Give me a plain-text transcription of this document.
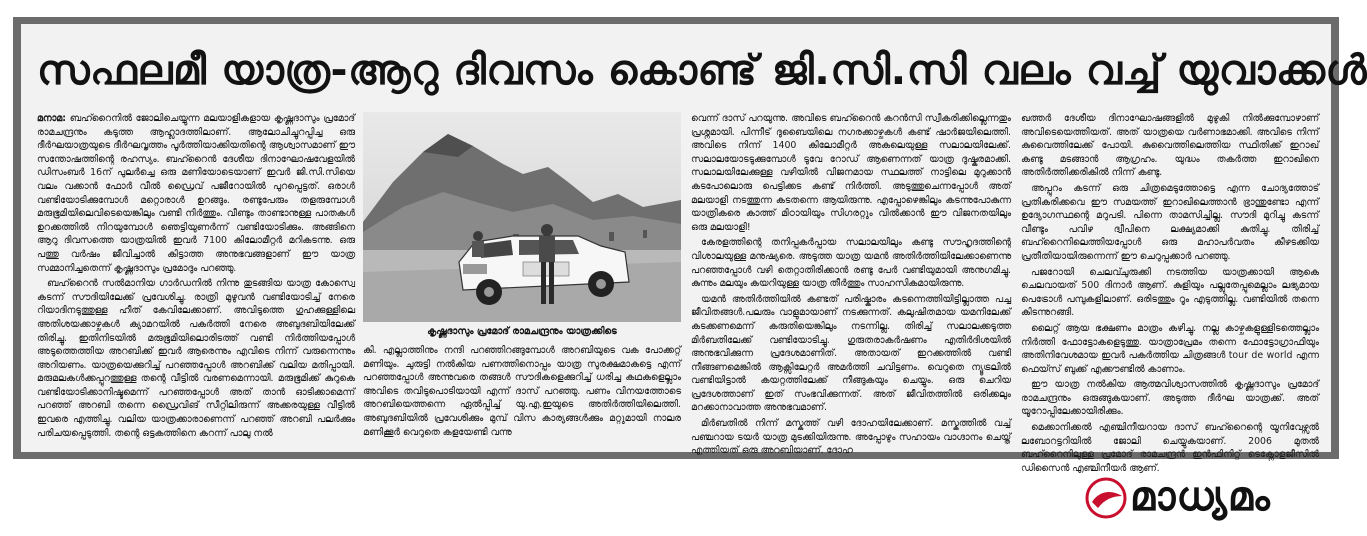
സഫലമീ യാത്ര-ആറു ദിവസം കൊണ്ട് ജി.സി.സി വലം വച്ച് യുവാക്കൾ

മനാമ: ബഹ്റൈനിൽ ജോലിചെയ്യുന്ന മലയാളികളായ കൃഷ്ണദാസും പ്രമോദ് രാമചന്ദ്രനും കടുത്ത ആഹ്ലാദത്തിലാണ്. ആലോചിച്ചുറപ്പിച്ച ഒരു ദീർഘയാത്രയുടെ ദീർഘവൃത്തം പൂർത്തിയാക്കിയതിന്റെ ആശ്വാസമാണ് ഈ സന്തോഷത്തിന്റെ രഹസ്യം. ബഹ്റൈൻ ദേശീയ ദിനാഘോഷവേളയിൽ ഡിസംബർ 16ന് പുലർച്ചെ ഒരു മണിയോടെയാണ് ഇവർ ജി.സി.സിയെ വലം വക്കാൻ ഫോർ വീൽ ഡ്രൈവ് പജീറോയിൽ പുറപ്പെട്ടത്. ഒരാൾ വണ്ടിയോടിക്കുമ്പോൾ മറ്റൊരാൾ ഉറങ്ങും. രണ്ടുപേരും തളരുമ്പോൾ മരുഭൂമിയിലെവിടെയെങ്കിലും വണ്ടി നിർത്തും. വീണ്ടും താണ്ടാനുള്ള പാതകൾ ഉറക്കത്തിൽ നിറയുമ്പോൾ ഞെട്ടിയുണർന്ന് വണ്ടിയോടിക്കും. അങ്ങിനെ ആറു ദിവസത്തെ യാത്രയിൽ ഇവർ 7100 കിലോമീറ്റർ മറികടന്നു. ഒരു പത്തു വർഷം ജീവിച്ചാൽ കിട്ടാത്ത അനുഭവങ്ങളാണ് ഈ യാത്ര സമ്മാനിച്ചതെന്ന് കൃഷ്ണദാസും പ്രമോദും പറഞ്ഞു.

ബഹ്റൈൻ സൽമാനിയ ഗാർഡനിൽ നിന്നു തുടങ്ങിയ യാത്ര കോസ്വെ കടന്ന് സൗദിയിലേക്ക് പ്രവേശിച്ചു. രാത്രി മുഴുവൻ വണ്ടിയോടിച്ച് നേരെ റിയാദിനടുത്തുള്ള ഹീത് കേവിലേക്കാണ്. അവിടുത്തെ ഗുഹക്കുള്ളിലെ അതിശയക്കാഴ്ചകൾ ക്യാമറയിൽ പകർത്തി നേരെ അബുദബിയിലേക്ക് തിരിച്ചു. ഇതിനിടയിൽ മരുഭൂമിയിലൊരിടത്ത് വണ്ടി നിർത്തിയപ്പോൾ അടുത്തെത്തിയ അറബിക്ക് ഇവർ ആരെന്നും എവിടെ നിന്ന് വരുന്നെന്നും അറിയണം. യാത്രയെക്കുറിച്ച് പറഞ്ഞപ്പോൾ അറബിക്ക് വലിയ മതിപ്പായി. മരുമലകൾക്കപ്പുറത്തുള്ള തന്റെ വീട്ടിൽ വരണമെന്നായി. മരുഭൂമിക്ക് കുറുകെ വണ്ടിയോടിക്കാനിഷ്ടമെന്ന് പറഞ്ഞപ്പോൾ അത് താൻ ഓടിക്കാമെന്ന് പറഞ്ഞ് അറബി തന്നെ ഡ്രൈവിങ് സീറ്റിലിരുന്ന് അക്കരയുള്ള വീട്ടിൽ ഇവരെ എത്തിച്ചു. വലിയ യാത്രക്കാരാണെന്ന് പറഞ്ഞ് അറബി പലർക്കും പരിചയപ്പെടുത്തി. തന്റെ ഒട്ടകത്തിനെ കറന്ന് പാലു നൽ

കൃഷ്ണദാസും പ്രമോദ് രാമചന്ദ്രനും യാത്രക്കിടെ

കി. എല്ലാത്തിനും നന്ദി പറഞ്ഞിറങ്ങുമ്പോൾ അറബിയുടെ വക പോക്കറ്റ് മണിയും. ചുരുട്ടി നൽകിയ പണത്തിനൊപ്പം യാത്ര സുരക്ഷമാകട്ടെ എന്ന് പറഞ്ഞപ്പോൾ അന്നുവരെ തങ്ങൾ സൗദികളെക്കുറിച്ച് ധരിച്ച കഥകളെല്ലാം അവിടെ തവിടുപൊടിയായി എന്ന് ദാസ് പറഞ്ഞു. പണം വിനയത്തോടെ അറബിയെത്തന്നെ ഏൽപ്പിച്ച് യു.എ.ഇയുടെ അതിർത്തിയിലെത്തി. അബുദബിയിൽ പ്രവേശിക്കും മുമ്പ് വിസ കാര്യങ്ങൾക്കും മറ്റുമായി നാലര മണിക്കൂർ വെറുതെ കളയേണ്ടി വന്നു

വെന്ന് ദാസ് പറയുന്നു. അവിടെ ബഹ്റൈൻ കറൻസി സ്വീകരിക്കില്ലെന്നതും പ്രശ്നമായി. പിന്നീട് ദുബൈയിലെ നഗരക്കാഴ്ചകൾ കണ്ട് ഷാർജയിലെത്തി. അവിടെ നിന്ന് 1400 കിലോമീറ്റർ അകലെയുള്ള സലാലയിലേക്ക്. സലാലയോടടുക്കുമ്പോൾ ടുവേ റോഡ് ആണെന്നത് യാത്ര ദുഷ്കരമാക്കി. സലാലയിലേക്കുള്ള വഴിയിൽ വിജനമായ സ്ഥലത്ത് നാട്ടിലെ മുറുക്കാൻ കടപോലൊരു പെട്ടിക്കട കണ്ട് നിർത്തി. അടുത്തുചെന്നപ്പോൾ അത് മലയാളി നടത്തുന്ന കടതന്നെ ആയിരുന്നു. എപ്പോഴെങ്കിലും കടന്നുപോകുന്ന യാത്രികരെ കാത്ത് മിഠായിയും സിഗരറ്റും വിൽക്കാൻ ഈ വിജനതയിലും ഒരു മലയാളി!

കേരളത്തിന്റെ തനിപ്പകർപ്പായ സലാലയിലും കണ്ടു സൗഹൃദത്തിന്റെ വിശാലയുള്ള മനുഷ്യരെ. അടുത്ത യാത്ര യമൻ അതിർത്തിയിലേക്കാണെന്നു പറഞ്ഞപ്പോൾ വഴി തെറ്റാതിരിക്കാൻ രണ്ടു പേർ വണ്ടിയുമായി അനുഗമിച്ചു. കുന്നും മലയും കയറിയുള്ള യാത്ര തീർത്തും സാഹസികമായിരുന്നു.

യമൻ അതിർത്തിയിൽ കണ്ടത് പരിഷ്കാരം കടന്നെത്തിയിട്ടില്ലാത്ത പച്ച ജീവിതങ്ങൾ.പലരും വാളുമായാണ് നടക്കുന്നത്. കലുഷിതമായ യമനിലേക്ക് കടക്കണമെന്ന് കരുതിയെങ്കിലും നടന്നില്ല. തിരിച്ച് സലാലക്കടുത്ത മിർബതിലേക്ക് വണ്ടിയോടിച്ചു. ഗുരുതരാകർഷണം എതിർദിശയിൽ അനുഭവിക്കുന്ന പ്രദേശമാണിത്. അതായത് ഇറക്കത്തിൽ വണ്ടി നീങ്ങണമെങ്കിൽ ആക്സിലേറ്റർ അമർത്തി ചവിട്ടണം. വെറുതെ ന്യൂട്രലിൽ വണ്ടിയിട്ടാൽ കയറ്റത്തിലേക്ക് നീങ്ങുകയും ചെയ്യും. ഒരു ചെറിയ പ്രദേശത്താണ് ഇത് സംഭവിക്കുന്നത്. അത് ജീവിതത്തിൽ ഒരിക്കലും മറക്കാനാവാത്ത അനുഭവമാണ്.

മിർബതിൽ നിന്ന് മസ്കത്ത് വഴി ദോഹയിലേക്കാണ്. മസ്കത്തിൽ വച്ച് പഞ്ചറായ ടയർ യാത്ര മുടക്കിയിരുന്നു. അപ്പോഴും സഹായം വാഗ്ദാനം ചെയ്ത് എത്തിയത് ഒരു അറബിയാണ്. ദോഹ

ഖത്തർ ദേശീയ ദിനാഘോഷങ്ങളിൽ മുഴുകി നിൽക്കുമ്പോഴാണ് അവിടെയെത്തിയത്. അത് യാത്രയെ വർണാഭമാക്കി. അവിടെ നിന്ന് കുവൈത്തിലേക്ക് പോയി. കുവൈത്തിലെത്തിയ സ്ഥിതിക്ക് ഇറാഖ് കണ്ടു മടങ്ങാൻ ആഗ്രഹം. യുദ്ധം തകർത്ത ഇറാഖിനെ അതിർത്തിക്കരികിൽ നിന്ന് കണ്ടു.

അപ്പുറം കടന്ന് ഒരു ചിത്രമെടുത്തോട്ടെ എന്ന ചോദ്യത്തോട് പ്രതികരിക്കവെ ഈ സമയത്ത് ഇറാഖിലെത്താൻ ഭ്രാന്തുണ്ടോ എന്ന് ഉദ്യോഗസ്ഥന്റെ മറുപടി. പിന്നെ താമസിച്ചില്ല. സൗദി മുറിച്ചു കടന്ന് വീണ്ടും പവിഴ ദ്വീപിനെ ലക്ഷ്യമാക്കി കുതിച്ചു. തിരിച്ച് ബഹ്റൈനിലെത്തിയപ്പോൾ ഒരു മഹാപർവതം കീഴടക്കിയ പ്രതീതിയായിരുന്നെന്ന് ഈ ചെറുപ്പക്കാർ പറഞ്ഞു.

പജറോയി ചെലവ്ചുരുക്കി നടത്തിയ യാത്രക്കായി ആകെ ചെലവായത് 500 ദിനാർ ആണ്. കുളിയും പല്ലുതേപ്പുമെല്ലാം ലഭ്യമായ പെട്രോൾ പമ്പുകളിലാണ്. ഒരിടത്തും റൂം എടുത്തില്ല. വണ്ടിയിൽ തന്നെ കിടന്നുറങ്ങി.

ലൈറ്റ് ആയ ഭക്ഷണം മാത്രം കഴിച്ചു. നല്ല കാഴ്ചകളുള്ളിടത്തെല്ലാം നിർത്തി ഫോട്ടോകളെടുത്തു. യാത്രാപ്രേമം തന്നെ ഫോട്ടോഗ്രാഫിയും അതിനിവേശമായ ഇവർ പകർത്തിയ ചിത്രങ്ങൾ tour de world എന്ന ഫെയ്സ് ബുക്ക് എക്കൗണ്ടിൽ കാണാം.

ഈ യാത്ര നൽകിയ ആത്മവിശ്വാസത്തിൽ കൃഷ്ണദാസും പ്രമോദ് രാമചന്ദ്രനും ഒരുങ്ങുകയാണ്. അടുത്ത ദീർഘ യാത്രക്ക്. അത് യൂറോപ്പിലേക്കായിരിക്കും.

മെക്കാനിക്കൽ എഞ്ചിനീയറായ ദാസ് ബഹ്റൈന്റെ യൂനിവേഴ്സൽ ലബോറട്ടറിയിൽ ജോലി ചെയ്യുകയാണ്. 2006 മുതൽ ബഹ്റൈനിലുള്ള പ്രമോദ് രാമചന്ദ്രൻ ഇൻഫിനിറ്റ് ടെക്നോളജീസിൽ ഡിസൈൻ എഞ്ചിനീയർ ആണ്.

മാധ്യമം
